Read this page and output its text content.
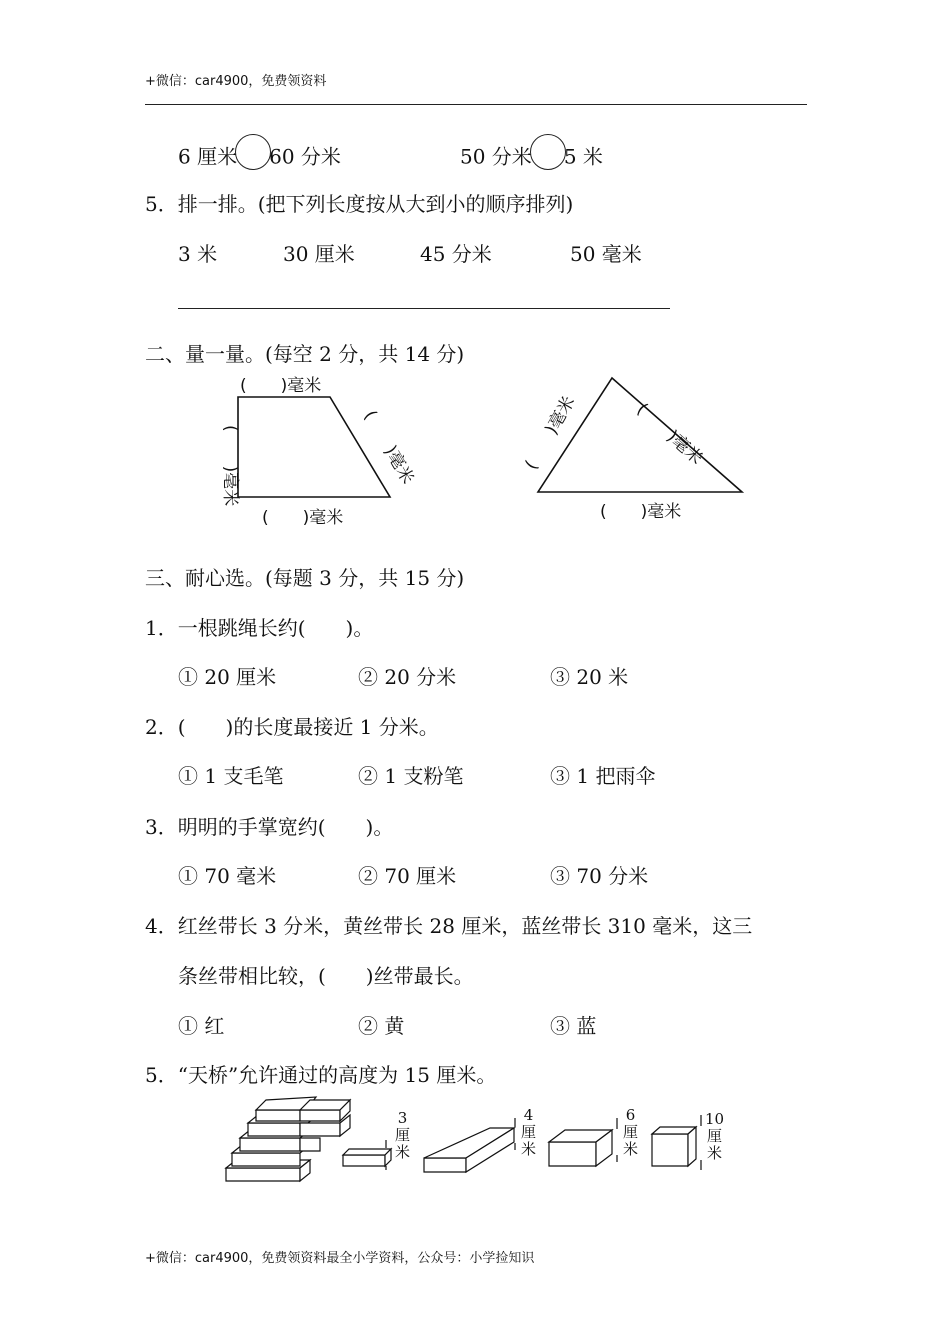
+微信：car4900，免费领资料
6 厘米 60 分米	50 分米 5 米
5．排一排。(把下列长度按从大到小的顺序排列)
3 米	30 厘米	45 分米	50 毫米
二、量一量。(每空 2 分，共 14 分)
(　　)毫米
(　　)毫米
(　　)毫米
(　　)毫米
(　　)毫米
(　　)毫米	(　　)毫米
三、耐心选。(每题 3 分，共 15 分)
1．一根跳绳长约(　　)。
① 20 厘米	② 20 分米	③ 20 米
2．(　　)的长度最接近 1 分米。
① 1 支毛笔	② 1 支粉笔	③ 1 把雨伞
3．明明的手掌宽约(　　)。
① 70 毫米	② 70 厘米	③ 70 分米
4．红丝带长 3 分米，黄丝带长 28 厘米，蓝丝带长 310 毫米，这三
条丝带相比较，(　　)丝带最长。
① 红	② 黄	③ 蓝
5．“天桥”允许通过的高度为 15 厘米。
3
厘
米
4
厘
米
6
厘
米
10
厘
米
+微信：car4900，免费领资料最全小学资料，公众号：小学捡知识
